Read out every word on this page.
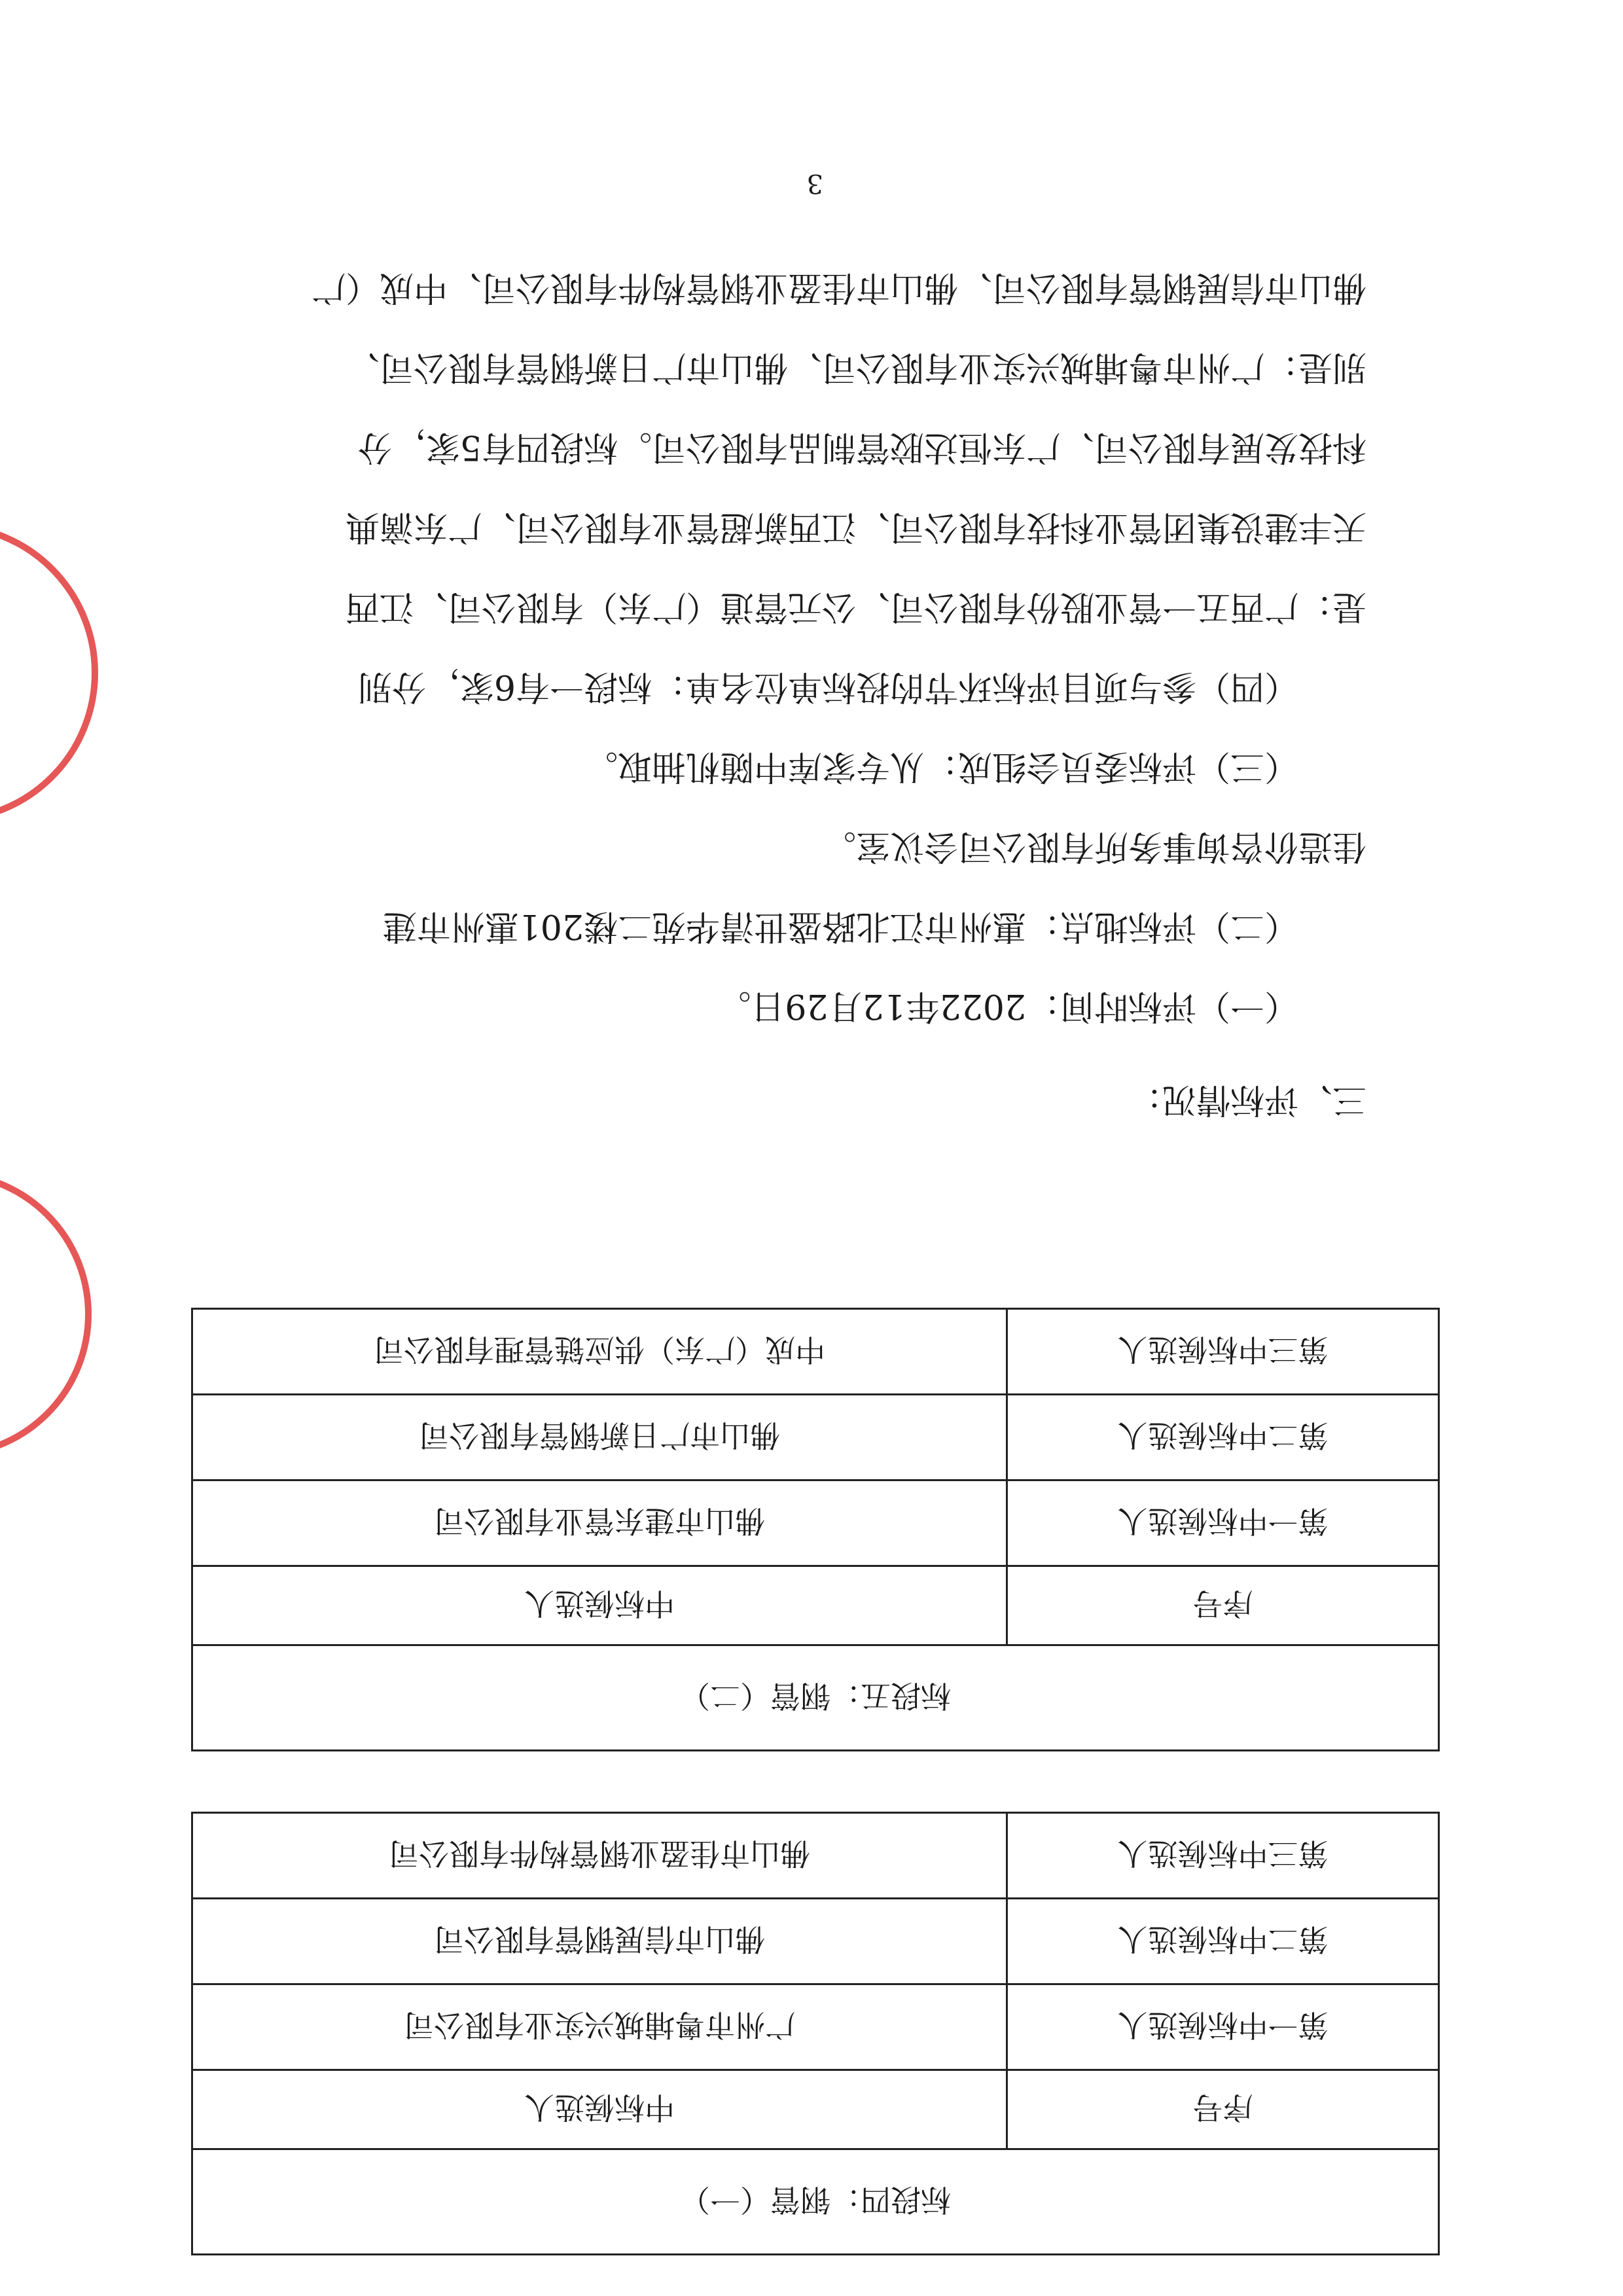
标段四：钢管（一）	
序号	中标候选人
第一中标候选人	广州市粤埔城兴实业有限公司
第二中标候选人	佛山市信展钢管有限公司
第三中标候选人	佛山市佳盈业钢管构件有限公司
标段五：钢管（二）	
序号	中标候选人
第一中标候选人	佛山市建东管业有限公司
第二中标候选人	佛山市广日新钢管有限公司
第三中标候选人	中成（广东）供应链管理有限公司
三、评标情况：

（一）评标时间：2022年12月29日。

（二）评标地点：惠州市江北路盛世清华苑二楼201惠州市建

佳造价咨询事务所有限公司会议室。

（三）评标委员会组成：从专家库中随机抽取。

（四）参与项目评标环节的投标单位名单：标段一有6家，分别

是：广西五一管业股份有限公司、公元管道（广东）有限公司、江西

天丰建设集团管业科技有限公司、江西新超管业有限公司、广东滴典

科技发展有限公司、广东恒达胶管制品有限公司。标段四有5家，分

别是：广州市粤埔城兴实业有限公司、佛山市广日新钢管有限公司、

佛山市信展钢管有限公司、佛山市佳盈业钢管构件有限公司、中成（广

3
